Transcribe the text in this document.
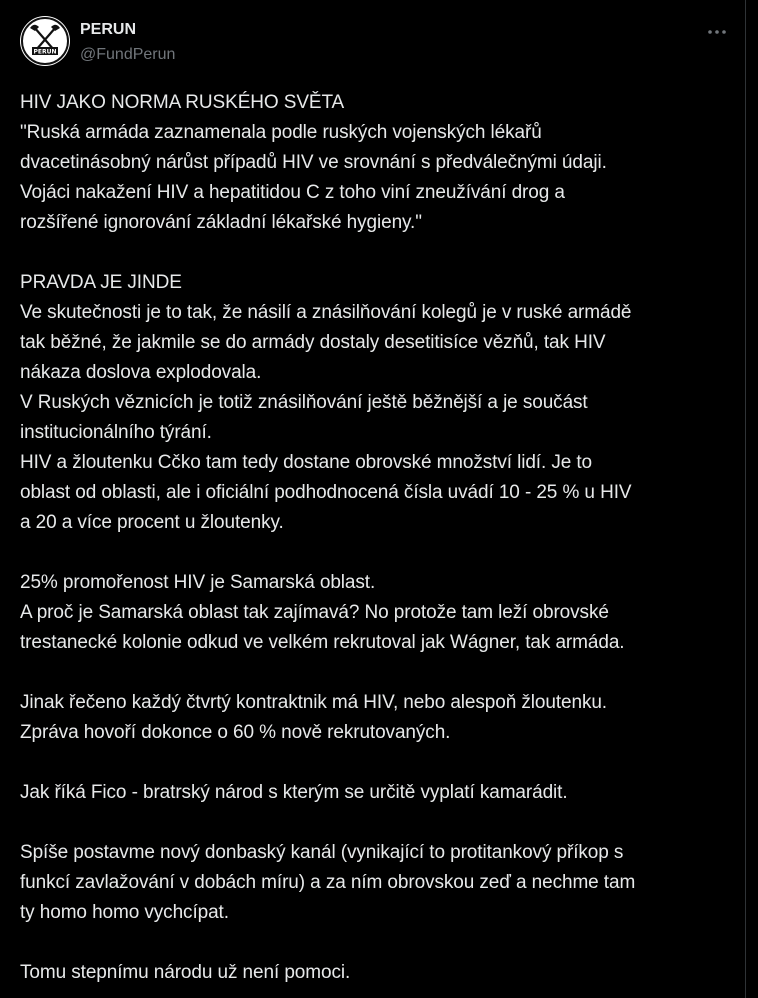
PERUN
PERUN
@FundPerun

HIV JAKO NORMA RUSKÉHO SVĚTA

"Ruská armáda zaznamenala podle ruských vojenských lékařů

dvacetinásobný nárůst případů HIV ve srovnání s předválečnými údaji.

Vojáci nakažení HIV a hepatitidou C z toho viní zneužívání drog a

rozšířené ignorování základní lékařské hygieny."

PRAVDA JE JINDE

Ve skutečnosti je to tak, že násilí a znásilňování kolegů je v ruské armádě

tak běžné, že jakmile se do armády dostaly desetitisíce vězňů, tak HIV

nákaza doslova explodovala.

V Ruských věznicích je totiž znásilňování ještě běžnější a je součást

institucionálního týrání.

HIV a žloutenku Cčko tam tedy dostane obrovské množství lidí. Je to

oblast od oblasti, ale i oficiální podhodnocená čísla uvádí 10 - 25 % u HIV

a 20 a více procent u žloutenky.

25% promořenost HIV je Samarská oblast.

A proč je Samarská oblast tak zajímavá? No protože tam leží obrovské

trestanecké kolonie odkud ve velkém rekrutoval jak Wágner, tak armáda.

Jinak řečeno každý čtvrtý kontraktnik má HIV, nebo alespoň žloutenku.

Zpráva hovoří dokonce o 60 % nově rekrutovaných.

Jak říká Fico - bratrský národ s kterým se určitě vyplatí kamarádit.

Spíše postavme nový donbaský kanál (vynikající to protitankový příkop s

funkcí zavlažování v dobách míru) a za ním obrovskou zeď a nechme tam

ty homo homo vychcípat.

Tomu stepnímu národu už není pomoci.
